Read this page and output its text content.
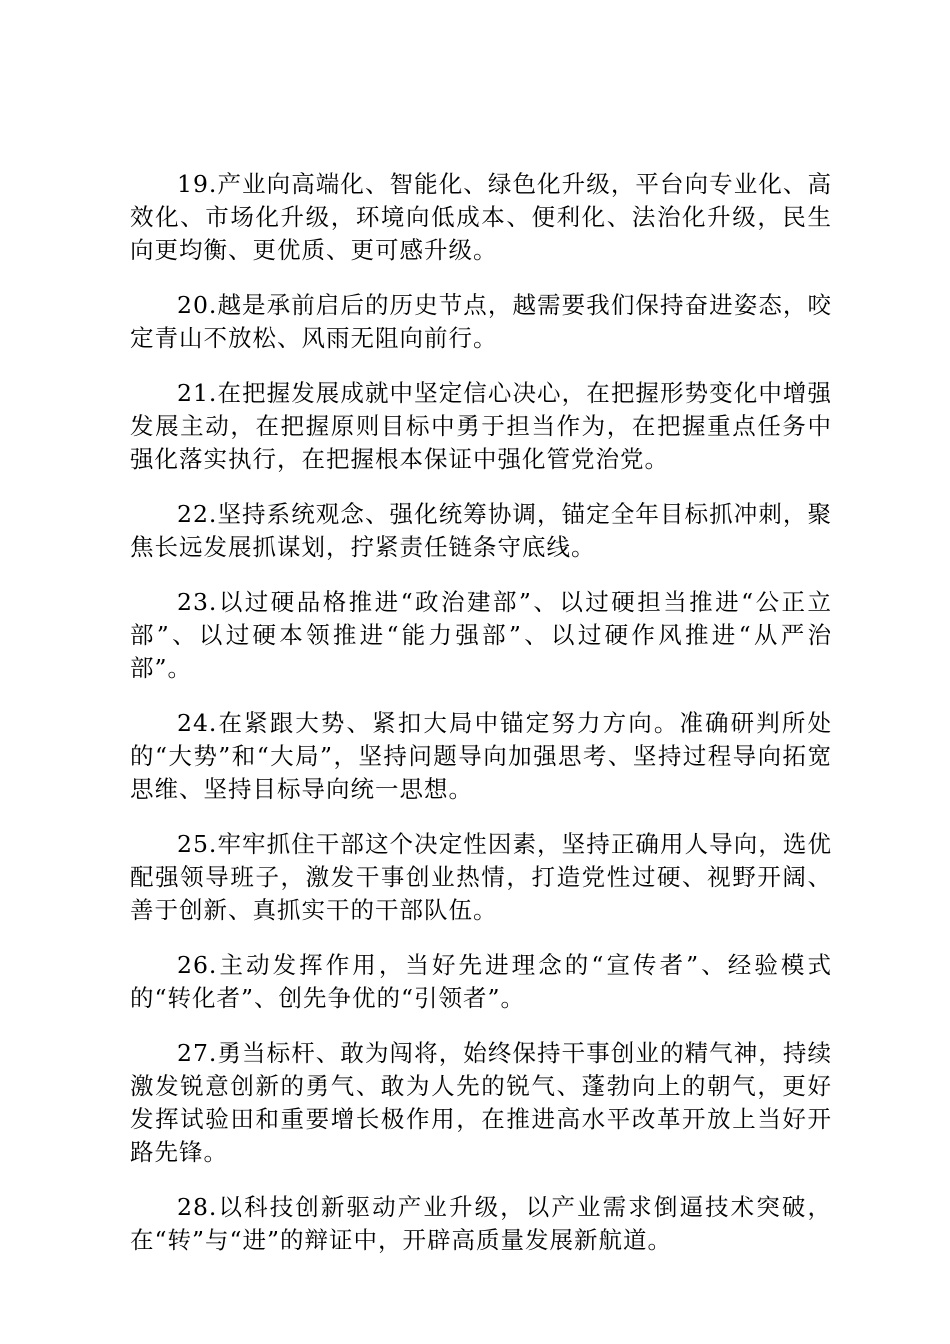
19.产业向高端化、智能化、绿色化升级，平台向专业化、高效化、市场化升级，环境向低成本、便利化、法治化升级，民生向更均衡、更优质、更可感升级。

20.越是承前启后的历史节点，越需要我们保持奋进姿态，咬定青山不放松、风雨无阻向前行。

21.在把握发展成就中坚定信心决心，在把握形势变化中增强发展主动，在把握原则目标中勇于担当作为，在把握重点任务中强化落实执行，在把握根本保证中强化管党治党。

22.坚持系统观念、强化统筹协调，锚定全年目标抓冲刺，聚焦长远发展抓谋划，拧紧责任链条守底线。

23.以过硬品格推进“政治建部”、以过硬担当推进“公正立部”、以过硬本领推进“能力强部”、以过硬作风推进“从严治部”。

24.在紧跟大势、紧扣大局中锚定努力方向。准确研判所处的“大势”和“大局”，坚持问题导向加强思考、坚持过程导向拓宽思维、坚持目标导向统一思想。

25.牢牢抓住干部这个决定性因素，坚持正确用人导向，选优配强领导班子，激发干事创业热情，打造党性过硬、视野开阔、善于创新、真抓实干的干部队伍。

26.主动发挥作用，当好先进理念的“宣传者”、经验模式的“转化者”、创先争优的“引领者”。

27.勇当标杆、敢为闯将，始终保持干事创业的精气神，持续激发锐意创新的勇气、敢为人先的锐气、蓬勃向上的朝气，更好发挥试验田和重要增长极作用，在推进高水平改革开放上当好开路先锋。

28.以科技创新驱动产业升级，以产业需求倒逼技术突破，在“转”与“进”的辩证中，开辟高质量发展新航道。
